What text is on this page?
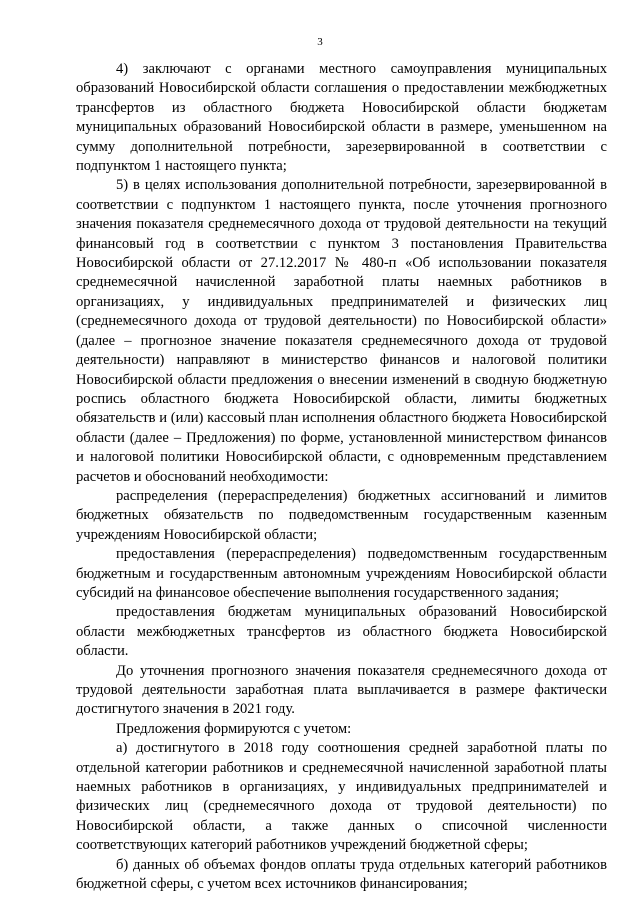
3

4) заключают с органами местного самоуправления муниципальных образований Новосибирской области соглашения о предоставлении межбюджетных трансфертов из областного бюджета Новосибирской области бюджетам муниципальных образований Новосибирской области в размере, уменьшенном на сумму дополнительной потребности, зарезервированной в соответствии с подпунктом 1 настоящего пункта;

5) в целях использования дополнительной потребности, зарезервированной в соответствии с подпунктом 1 настоящего пункта, после уточнения прогнозного значения показателя среднемесячного дохода от трудовой деятельности на текущий финансовый год в соответствии с пунктом 3 постановления Правительства Новосибирской области от 27.12.2017 № 480-п «Об использовании показателя среднемесячной начисленной заработной платы наемных работников в организациях, у индивидуальных предпринимателей и физических лиц (среднемесячного дохода от трудовой деятельности) по Новосибирской области» (далее – прогнозное значение показателя среднемесячного дохода от трудовой деятельности) направляют в министерство финансов и налоговой политики Новосибирской области предложения о внесении изменений в сводную бюджетную роспись областного бюджета Новосибирской области, лимиты бюджетных обязательств и (или) кассовый план исполнения областного бюджета Новосибирской области (далее – Предложения) по форме, установленной министерством финансов и налоговой политики Новосибирской области, с одновременным представлением расчетов и обоснований необходимости:

распределения (перераспределения) бюджетных ассигнований и лимитов бюджетных обязательств по подведомственным государственным казенным учреждениям Новосибирской области;

предоставления (перераспределения) подведомственным государственным бюджетным и государственным автономным учреждениям Новосибирской области субсидий на финансовое обеспечение выполнения государственного задания;

предоставления бюджетам муниципальных образований Новосибирской области межбюджетных трансфертов из областного бюджета Новосибирской области.

До уточнения прогнозного значения показателя среднемесячного дохода от трудовой деятельности заработная плата выплачивается в размере фактически достигнутого значения в 2021 году.

Предложения формируются с учетом:

а) достигнутого в 2018 году соотношения средней заработной платы по отдельной категории работников и среднемесячной начисленной заработной платы наемных работников в организациях, у индивидуальных предпринимателей и физических лиц (среднемесячного дохода от трудовой деятельности) по Новосибирской области, а также данных о списочной численности соответствующих категорий работников учреждений бюджетной сферы;

б) данных об объемах фондов оплаты труда отдельных категорий работников бюджетной сферы, с учетом всех источников финансирования;
